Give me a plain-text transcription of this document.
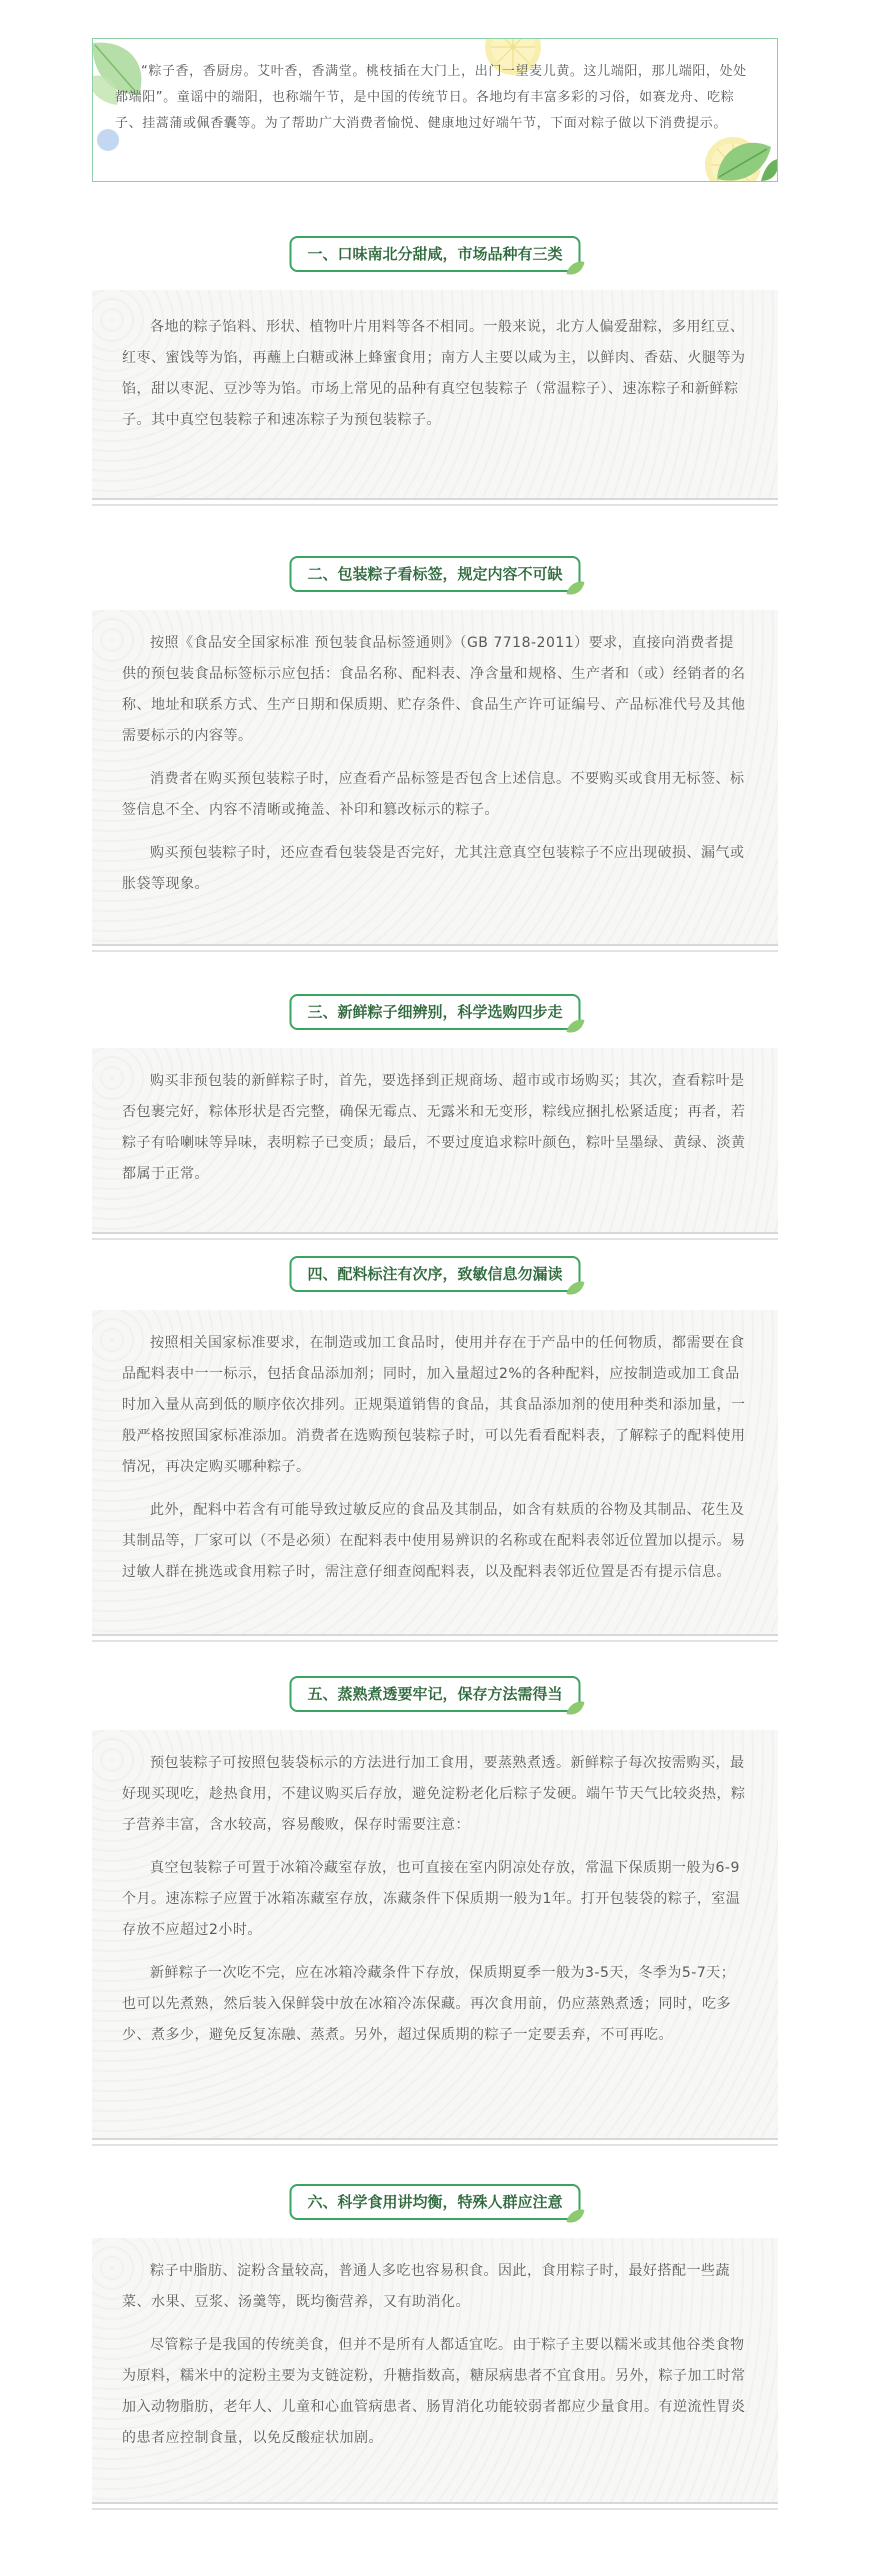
“粽子香，香厨房。艾叶香，香满堂。桃枝插在大门上，出门一望麦儿黄。这儿端阳，那儿端阳，处处都端阳”。童谣中的端阳，也称端午节，是中国的传统节日。各地均有丰富多彩的习俗，如赛龙舟、吃粽子、挂蒿蒲或佩香囊等。为了帮助广大消费者愉悦、健康地过好端午节，下面对粽子做以下消费提示。

一、口味南北分甜咸，市场品种有三类

各地的粽子馅料、形状、植物叶片用料等各不相同。一般来说，北方人偏爱甜粽，多用红豆、红枣、蜜饯等为馅，再蘸上白糖或淋上蜂蜜食用；南方人主要以咸为主，以鲜肉、香菇、火腿等为馅，甜以枣泥、豆沙等为馅。市场上常见的品种有真空包装粽子（常温粽子）、速冻粽子和新鲜粽子。其中真空包装粽子和速冻粽子为预包装粽子。

二、包装粽子看标签，规定内容不可缺

按照《食品安全国家标准 预包装食品标签通则》（GB 7718-2011）要求，直接向消费者提供的预包装食品标签标示应包括：食品名称、配料表、净含量和规格、生产者和（或）经销者的名称、地址和联系方式、生产日期和保质期、贮存条件、食品生产许可证编号、产品标准代号及其他需要标示的内容等。

消费者在购买预包装粽子时，应查看产品标签是否包含上述信息。不要购买或食用无标签、标签信息不全、内容不清晰或掩盖、补印和篡改标示的粽子。

购买预包装粽子时，还应查看包装袋是否完好，尤其注意真空包装粽子不应出现破损、漏气或胀袋等现象。

三、新鲜粽子细辨别，科学选购四步走

购买非预包装的新鲜粽子时，首先，要选择到正规商场、超市或市场购买；其次，查看粽叶是否包裹完好，粽体形状是否完整，确保无霉点、无露米和无变形，粽线应捆扎松紧适度；再者，若粽子有哈喇味等异味，表明粽子已变质；最后，不要过度追求粽叶颜色，粽叶呈墨绿、黄绿、淡黄都属于正常。

四、配料标注有次序，致敏信息勿漏读

按照相关国家标准要求，在制造或加工食品时，使用并存在于产品中的任何物质，都需要在食品配料表中一一标示，包括食品添加剂；同时，加入量超过2%的各种配料，应按制造或加工食品时加入量从高到低的顺序依次排列。正规渠道销售的食品，其食品添加剂的使用种类和添加量，一般严格按照国家标准添加。消费者在选购预包装粽子时，可以先看看配料表，了解粽子的配料使用情况，再决定购买哪种粽子。

此外，配料中若含有可能导致过敏反应的食品及其制品，如含有麸质的谷物及其制品、花生及其制品等，厂家可以（不是必须）在配料表中使用易辨识的名称或在配料表邻近位置加以提示。易过敏人群在挑选或食用粽子时，需注意仔细查阅配料表，以及配料表邻近位置是否有提示信息。

五、蒸熟煮透要牢记，保存方法需得当

预包装粽子可按照包装袋标示的方法进行加工食用，要蒸熟煮透。新鲜粽子每次按需购买，最好现买现吃，趁热食用，不建议购买后存放，避免淀粉老化后粽子发硬。端午节天气比较炎热，粽子营养丰富，含水较高，容易酸败，保存时需要注意：

真空包装粽子可置于冰箱冷藏室存放，也可直接在室内阴凉处存放，常温下保质期一般为6-9个月。速冻粽子应置于冰箱冻藏室存放，冻藏条件下保质期一般为1年。打开包装袋的粽子，室温存放不应超过2小时。

新鲜粽子一次吃不完，应在冰箱冷藏条件下存放，保质期夏季一般为3-5天，冬季为5-7天；也可以先煮熟，然后装入保鲜袋中放在冰箱冷冻保藏。再次食用前，仍应蒸熟煮透；同时，吃多少、煮多少，避免反复冻融、蒸煮。另外，超过保质期的粽子一定要丢弃，不可再吃。

六、科学食用讲均衡，特殊人群应注意

粽子中脂肪、淀粉含量较高，普通人多吃也容易积食。因此，食用粽子时，最好搭配一些蔬菜、水果、豆浆、汤羹等，既均衡营养，又有助消化。

尽管粽子是我国的传统美食，但并不是所有人都适宜吃。由于粽子主要以糯米或其他谷类食物为原料，糯米中的淀粉主要为支链淀粉，升糖指数高，糖尿病患者不宜食用。另外，粽子加工时常加入动物脂肪，老年人、儿童和心血管病患者、肠胃消化功能较弱者都应少量食用。有逆流性胃炎的患者应控制食量，以免反酸症状加剧。
